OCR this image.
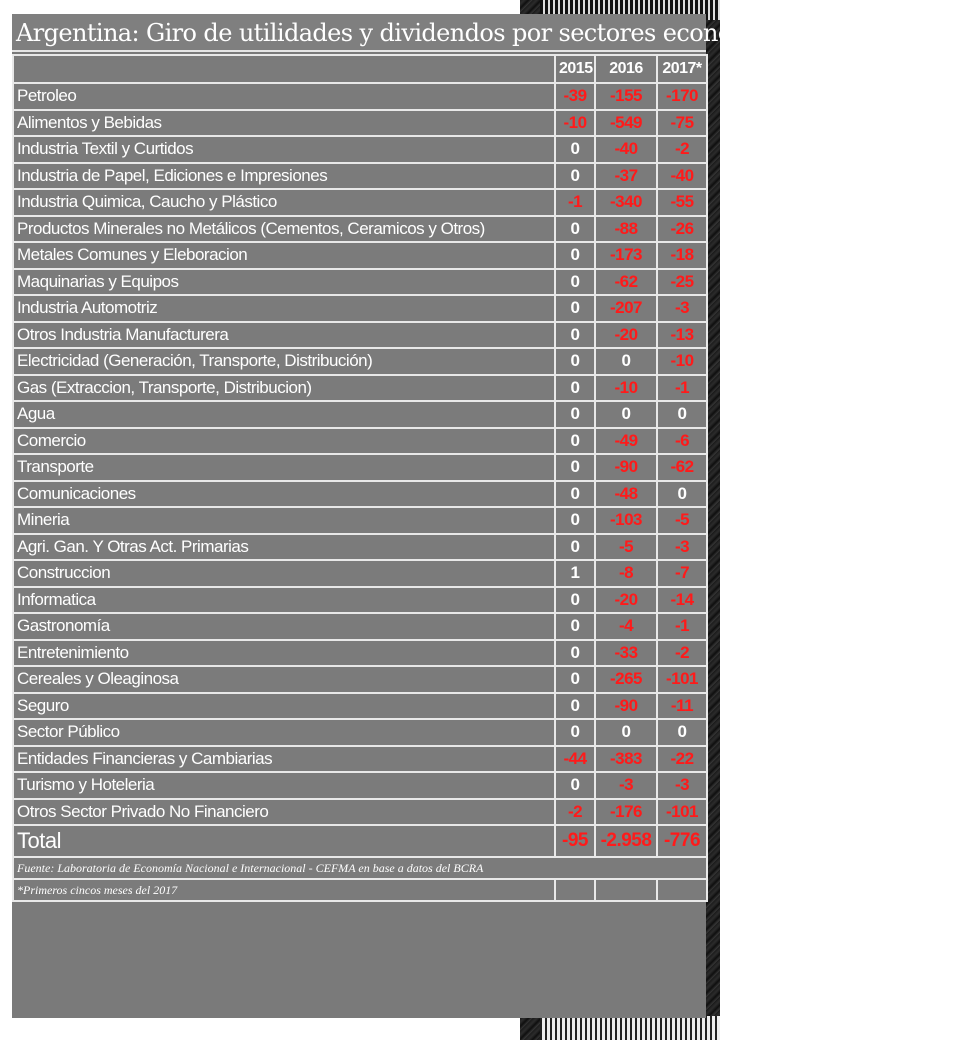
Argentina: Giro de utilidades y dividendos por sectores economicos en millones de
	2015	2016	2017*
Petroleo	-39	-155	-170
Alimentos y Bebidas	-10	-549	-75
Industria Textil y Curtidos	0	-40	-2
Industria de Papel, Ediciones e Impresiones	0	-37	-40
Industria Quimica, Caucho y Plástico	-1	-340	-55
Productos Minerales no Metálicos (Cementos, Ceramicos y Otros)	0	-88	-26
Metales Comunes y Eleboracion	0	-173	-18
Maquinarias y Equipos	0	-62	-25
Industria Automotriz	0	-207	-3
Otros Industria Manufacturera	0	-20	-13
Electricidad (Generación, Transporte, Distribución)	0	0	-10
Gas (Extraccion, Transporte, Distribucion)	0	-10	-1
Agua	0	0	0
Comercio	0	-49	-6
Transporte	0	-90	-62
Comunicaciones	0	-48	0
Mineria	0	-103	-5
Agri. Gan. Y Otras Act. Primarias	0	-5	-3
Construccion	1	-8	-7
Informatica	0	-20	-14
Gastronomía	0	-4	-1
Entretenimiento	0	-33	-2
Cereales y Oleaginosa	0	-265	-101
Seguro	0	-90	-11
Sector Público	0	0	0
Entidades Financieras y Cambiarias	-44	-383	-22
Turismo y Hoteleria	0	-3	-3
Otros Sector Privado No Financiero	-2	-176	-101
Total	-95	-2.958	-776
Fuente: Laboratoria de Economía Nacional e Internacional - CEFMA en base a datos del BCRA			
*Primeros cincos meses del 2017			
